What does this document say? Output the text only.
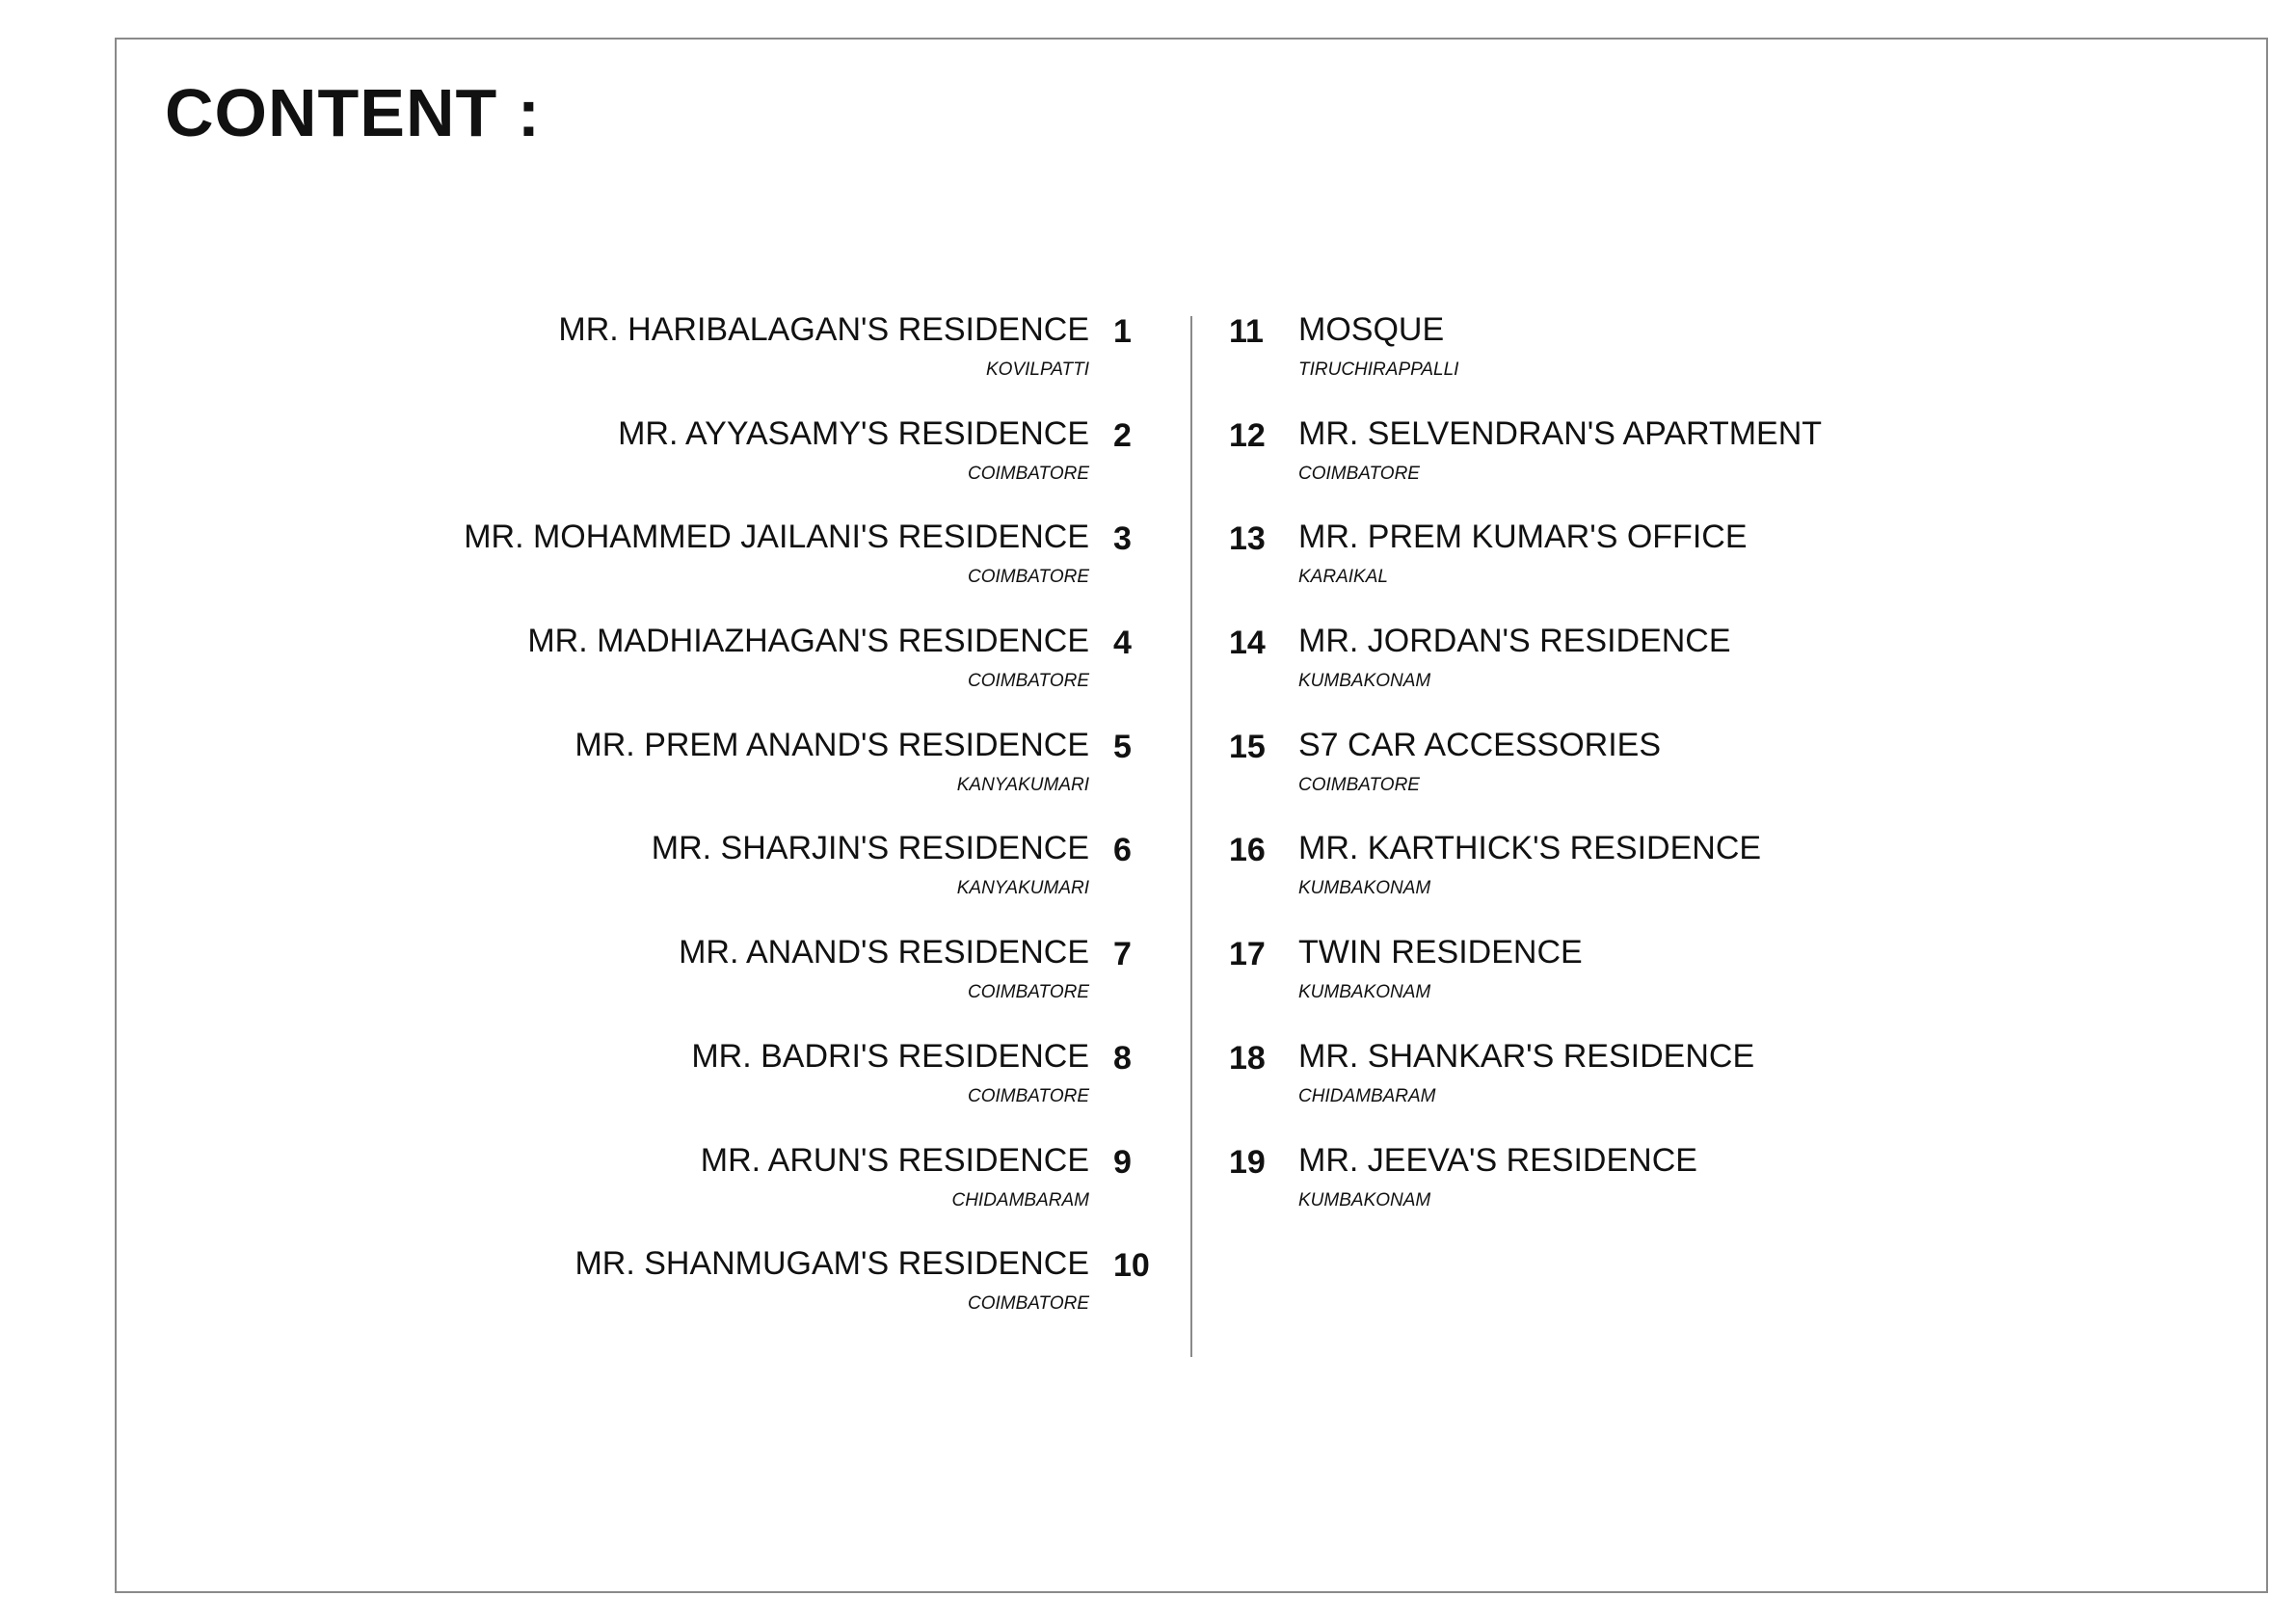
CONTENT :
MR. HARIBALAGAN'S RESIDENCE
KOVILPATTI
1
MR. AYYASAMY'S RESIDENCE
COIMBATORE
2
MR. MOHAMMED JAILANI'S RESIDENCE
COIMBATORE
3
MR. MADHIAZHAGAN'S RESIDENCE
COIMBATORE
4
MR. PREM ANAND'S RESIDENCE
KANYAKUMARI
5
MR. SHARJIN'S RESIDENCE
KANYAKUMARI
6
MR. ANAND'S RESIDENCE
COIMBATORE
7
MR. BADRI'S RESIDENCE
COIMBATORE
8
MR. ARUN'S RESIDENCE
CHIDAMBARAM
9
MR. SHANMUGAM'S RESIDENCE
COIMBATORE
10
11 MOSQUE
TIRUCHIRAPPALLI
12 MR. SELVENDRAN'S APARTMENT
COIMBATORE
13 MR. PREM KUMAR'S OFFICE
KARAIKAL
14 MR. JORDAN'S RESIDENCE
KUMBAKONAM
15 S7 CAR ACCESSORIES
COIMBATORE
16 MR. KARTHICK'S RESIDENCE
KUMBAKONAM
17 TWIN RESIDENCE
KUMBAKONAM
18 MR. SHANKAR'S RESIDENCE
CHIDAMBARAM
19 MR. JEEVA'S RESIDENCE
KUMBAKONAM
